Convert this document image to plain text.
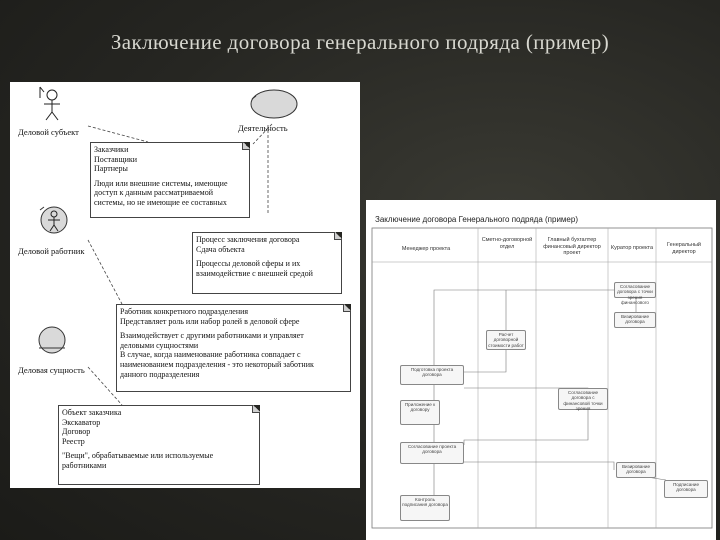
Заключение договора генерального подряда (пример)
Деловой субъект	Деятельность
Деловой работник
Деловая сущность
Заказчики
Поставщики
Партнеры
Люди или внешние системы, имеющие
доступ к данным рассматриваемой
системы, но не имеющие ее составных
Процесс заключения договора
Сдача объекта
Процессы деловой сферы и их
взаимодействие с внешней средой
Работник конкретного подразделения
Представляет роль или набор ролей в деловой сфере
Взаимодействует с другими работниками и управляет
деловыми сущностями
В случае, когда наименование работника совпадает с
наименованием подразделения - это некоторый заботник
данного подразделения
Объект заказчика
Экскаватор
Договор
Реестр
"Вещи", обрабатываемые или используемые
работниками
Заключение договора Генерального подряда (пример)
Менеджер проекта
Сметно-договорной отдел
Главный бухгалтер финансовый директор проект
Куратор проекта	Генеральный директор
Согласование договора с точки зрения финансового
Визирование договора
Расчет договорной стоимости работ
Подготовка проекта договора
Согласование договора с финансовой точки зрения
Приложение к договору
Согласование проекта договора
Визирование договора
Подписание договора
Контроль подписания договора
